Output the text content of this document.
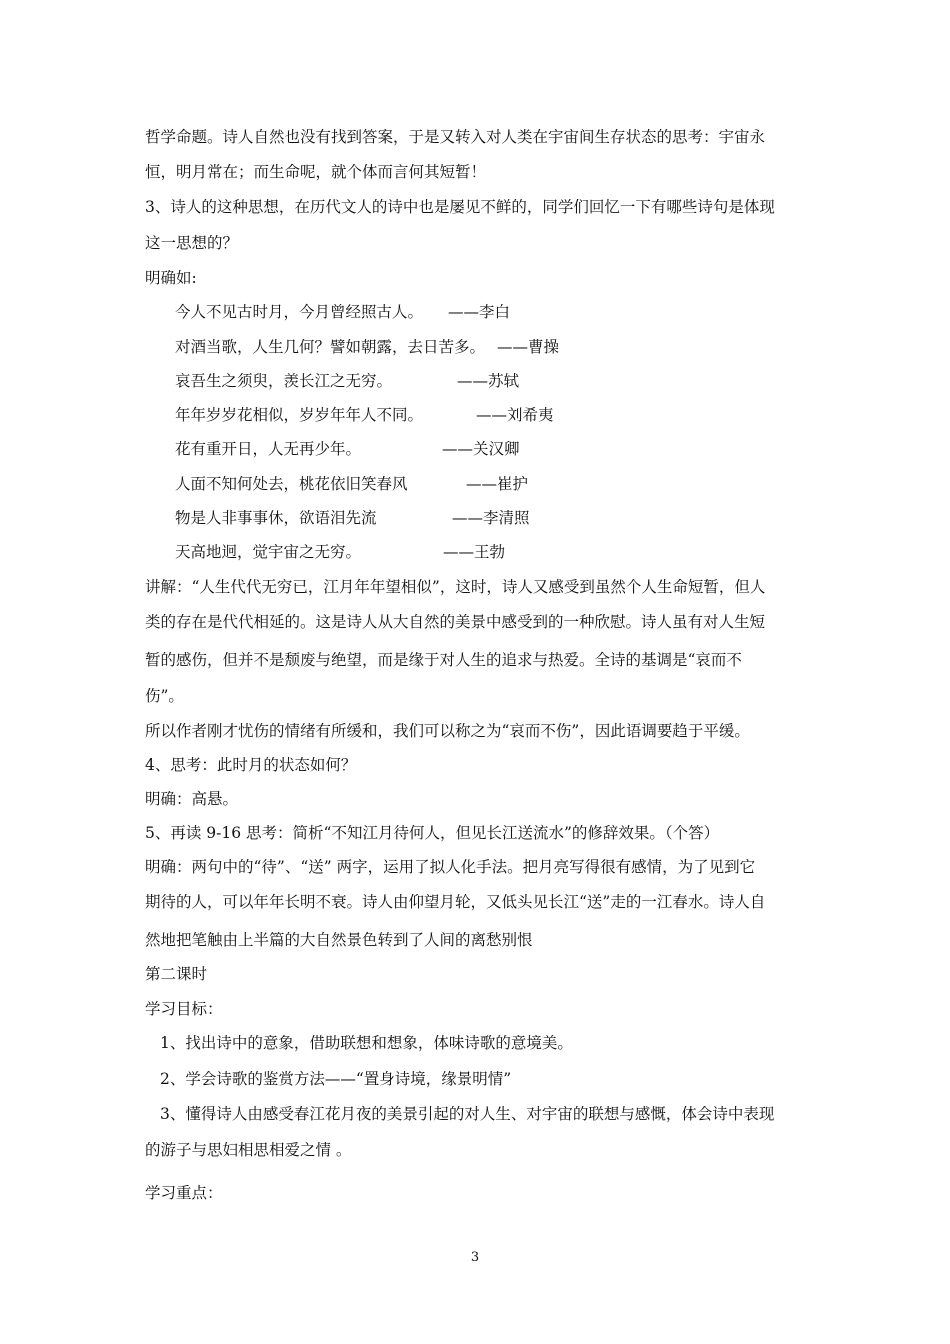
哲学命题。诗人自然也没有找到答案，于是又转入对人类在宇宙间生存状态的思考：宇宙永
恒，明月常在；而生命呢，就个体而言何其短暂！
3、诗人的这种思想，在历代文人的诗中也是屡见不鲜的，同学们回忆一下有哪些诗句是体现
这一思想的？
明确如:
今人不见古时月，今月曾经照古人。 ——李白
对酒当歌，人生几何？譬如朝露，去日苦多。 ——曹操
哀吾生之须臾，羡长江之无穷。	——苏轼
年年岁岁花相似，岁岁年年人不同。	——刘希夷
花有重开日，人无再少年。	——关汉卿
人面不知何处去，桃花依旧笑春风	——崔护
物是人非事事休，欲语泪先流	——李清照
天高地迥，觉宇宙之无穷。	——王勃
讲解：“人生代代无穷已，江月年年望相似”，这时，诗人又感受到虽然个人生命短暂，但人
类的存在是代代相延的。这是诗人从大自然的美景中感受到的一种欣慰。诗人虽有对人生短
暂的感伤，但并不是颓废与绝望，而是缘于对人生的追求与热爱。全诗的基调是“哀而不
伤”。
所以作者刚才忧伤的情绪有所缓和，我们可以称之为“哀而不伤”，因此语调要趋于平缓。
4、思考：此时月的状态如何？
明确：高悬。
5、再读 9-16 思考：简析“不知江月待何人，但见长江送流水”的修辞效果。（个答）
明确：两句中的“待”、“送” 两字，运用了拟人化手法。把月亮写得很有感情，为了见到它
期待的人，可以年年长明不衰。诗人由仰望月轮，又低头见长江“送”走的一江春水。诗人自
然地把笔触由上半篇的大自然景色转到了人间的离愁别恨
第二课时
学习目标：
1、找出诗中的意象，借助联想和想象，体味诗歌的意境美。
2、学会诗歌的鉴赏方法——“置身诗境，缘景明情”
3、懂得诗人由感受春江花月夜的美景引起的对人生、对宇宙的联想与感慨，体会诗中表现
的游子与思妇相思相爱之情 。
学习重点：
3
